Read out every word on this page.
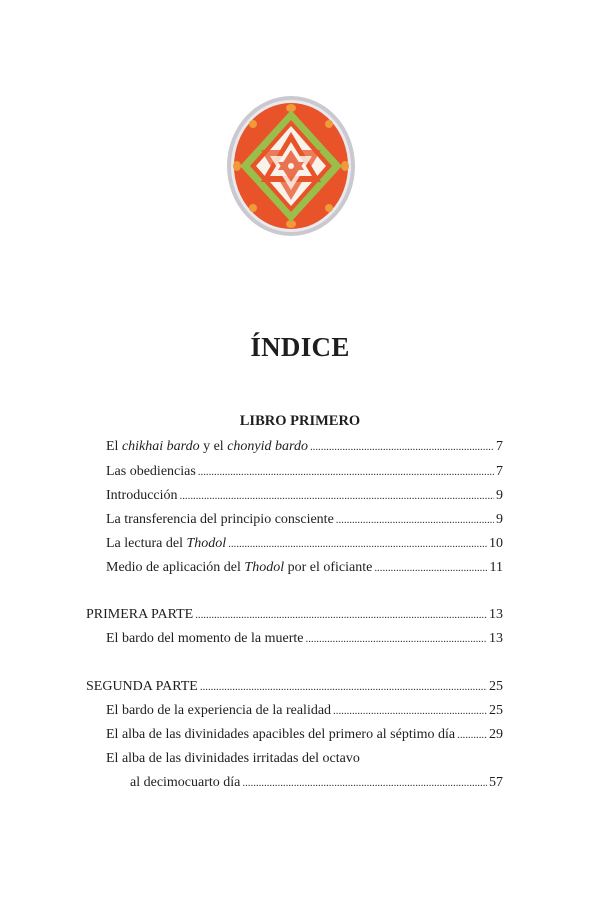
ÍNDICE
LIBRO PRIMERO
El chikhai bardo y el chonyid bardo . . .	7
Las obediencias . . .	7
Introducción . . .	9
La transferencia del principio consciente . . .	9
La lectura del Thodol . . .	10
Medio de aplicación del Thodol por el oficiante . . .	11
PRIMERA PARTE . . .	13
El bardo del momento de la muerte . . .	13
SEGUNDA PARTE . . .	25
El bardo de la experiencia de la realidad . . .	25
El alba de las divinidades apacibles del primero al séptimo día . . . 29
El alba de las divinidades irritadas del octavo
al decimocuarto día . . .	57
